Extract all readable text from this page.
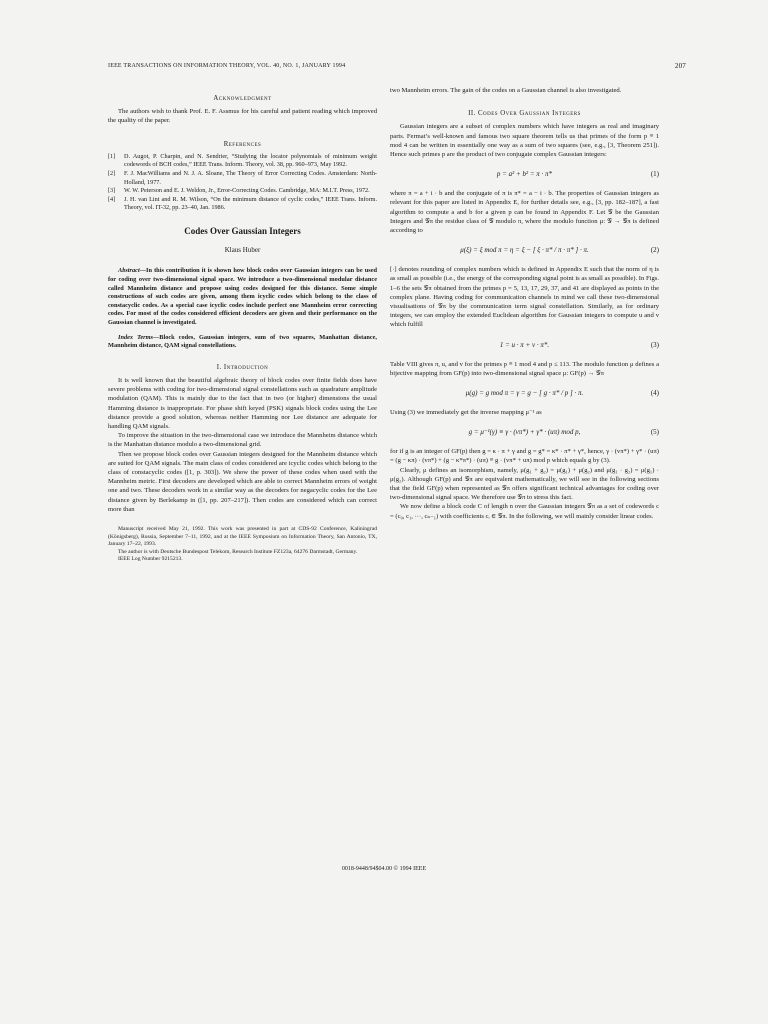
IEEE TRANSACTIONS ON INFORMATION THEORY, VOL. 40, NO. 1, JANUARY 1994	207
Acknowledgment

The authors wish to thank Prof. E. F. Assmus for his careful and patient reading which improved the quality of the paper.

References
[1] D. Augot, P. Charpin, and N. Sendrier, “Studying the locator polynomials of minimum weight codewords of BCH codes,” IEEE Trans. Inform. Theory, vol. 38, pp. 960–973, May 1992.
[2] F. J. MacWilliams and N. J. A. Sloane, The Theory of Error Correcting Codes. Amsterdam: North-Holland, 1977.
[3] W. W. Peterson and E. J. Weldon, Jr., Error-Correcting Codes. Cambridge, MA: M.I.T. Press, 1972.
[4] J. H. van Lint and R. M. Wilson, “On the minimum distance of cyclic codes,” IEEE Trans. Inform. Theory, vol. IT-32, pp. 23–40, Jan. 1986.
Codes Over Gaussian Integers
Klaus Huber

Abstract—In this contribution it is shown how block codes over Gaussian integers can be used for coding over two-dimensional signal space. We introduce a two-dimensional modular distance called Mannheim distance and propose using codes designed for this distance. Some simple constructions of such codes are given, among them icyclic codes which belong to the class of constacyclic codes. As a special case icyclic codes include perfect one Mannheim error correcting codes. For most of the codes considered efficient decoders are given and their performance on the Gaussian channel is investigated.

Index Terms—Block codes, Gaussian integers, sum of two squares, Manhattan distance, Mannheim distance, QAM signal constellations.

I. Introduction

It is well known that the beautiful algebraic theory of block codes over finite fields does have severe problems with coding for two-dimensional signal constellations such as quadrature amplitude modulation (QAM). This is mainly due to the fact that in two (or higher) dimensions the usual Hamming distance is inappropriate. For phase shift keyed (PSK) signals block codes using the Lee distance provide a good solution, whereas neither Hamming nor Lee distance are adequate for handling QAM signals.

To improve the situation in the two-dimensional case we introduce the Mannheim distance which is the Manhattan distance modulo a two-dimensional grid.

Then we propose block codes over Gaussian integers designed for the Mannheim distance which are suited for QAM signals. The main class of codes considered are icyclic codes which belong to the class of constacyclic codes ([1, p. 303]). We show the power of these codes when used with the Mannheim metric. First decoders are developed which are able to correct Mannheim errors of weight one and two. These decoders work in a similar way as the decoders for negacyclic codes for the Lee distance given by Berlekamp in ([1, pp. 207–217]). Then codes are considered which can correct more than

Manuscript received May 21, 1992. This work was presented in part at CDS-92 Conference, Kaliningrad (Königsberg), Russia, September 7–11, 1992, and at the IEEE Symposium on Information Theory, San Antonio, TX, January 17–22, 1993.

The author is with Deutsche Bundespost Telekom, Research Institute FZ123a, 64276 Darmstadt, Germany.

IEEE Log Number 9215213.

two Mannheim errors. The gain of the codes on a Gaussian channel is also investigated.

II. Codes Over Gaussian Integers

Gaussian integers are a subset of complex numbers which have integers as real and imaginary parts. Fermat’s well-known and famous two square theorem tells us that primes of the form p ≡ 1 mod 4 can be written in essentially one way as a sum of two squares (see, e.g., [3, Theorem 251]). Hence such primes p are the product of two conjugate complex Gaussian integers:

p = a² + b² = π · π*	(1)

where π = a + i · b and the conjugate of π is π* = a − i · b. The properties of Gaussian integers as relevant for this paper are listed in Appendix E, for further details see, e.g., [3, pp. 182–187], a fast algorithm to compute a and b for a given p can be found in Appendix F. Let 𝒢 be the Gaussian Integers and 𝒢π the residue class of 𝒢 modulo π, where the modulo function μ: 𝒢 → 𝒢π is defined according to

μ(ξ) = ξ mod π = η = ξ − [ ξ · π* / π · π* ] · π.	(2)

[·] denotes rounding of complex numbers which is defined in Appendix E such that the norm of η is as small as possible (i.e., the energy of the corresponding signal point is as small as possible). In Figs. 1–6 the sets 𝒢π obtained from the primes p = 5, 13, 17, 29, 37, and 41 are displayed as points in the complex plane. Having coding for communication channels in mind we call these two-dimensional visualisations of 𝒢π by the communication term signal constellation. Similarly, as for ordinary integers, we can employ the extended Euclidean algorithm for Gaussian integers to compute u and v which fulfill

1 = u · π + v · π*.	(3)

Table VIII gives π, u, and v for the primes p ≡ 1 mod 4 and p ≤ 113. The modulo function μ defines a bijective mapping from GF(p) into two-dimensional signal space μ: GF(p) → 𝒢π

μ(g) = g mod π = γ = g − [ g · π* / p ] · π.	(4)

Using (3) we immediately get the inverse mapping μ⁻¹ as

g = μ⁻¹(γ) ≡ γ · (vπ*) + γ* · (uπ) mod p,	(5)

for if g is an integer of GF(p) then g = κ · π + γ and g = g* = κ* · π* + γ*, hence, γ · (vπ*) + γ* · (uπ) = (g − κπ) · (vπ*) + (g − κ*π*) · (uπ) ≡ g · (vπ* + uπ) mod p which equals g by (3).

Clearly, μ defines an isomorphism, namely, μ(g₁ + g₂) = μ(g₁) + μ(g₂) and μ(g₁ · g₂) = μ(g₁) · μ(g₂). Although GF(p) and 𝒢π are equivalent mathematically, we will see in the following sections that the field GF(p) when represented as 𝒢π offers significant technical advantages for coding over two-dimensional signal space. We therefore use 𝒢π to stress this fact.

We now define a block code C of length n over the Gaussian integers 𝒢π as a set of codewords c = (c₀, c₁, ···, cₙ₋₁) with coefficients cᵢ ∈ 𝒢π. In the following, we will mainly consider linear codes.

0018-9448/94$04.00 © 1994 IEEE
